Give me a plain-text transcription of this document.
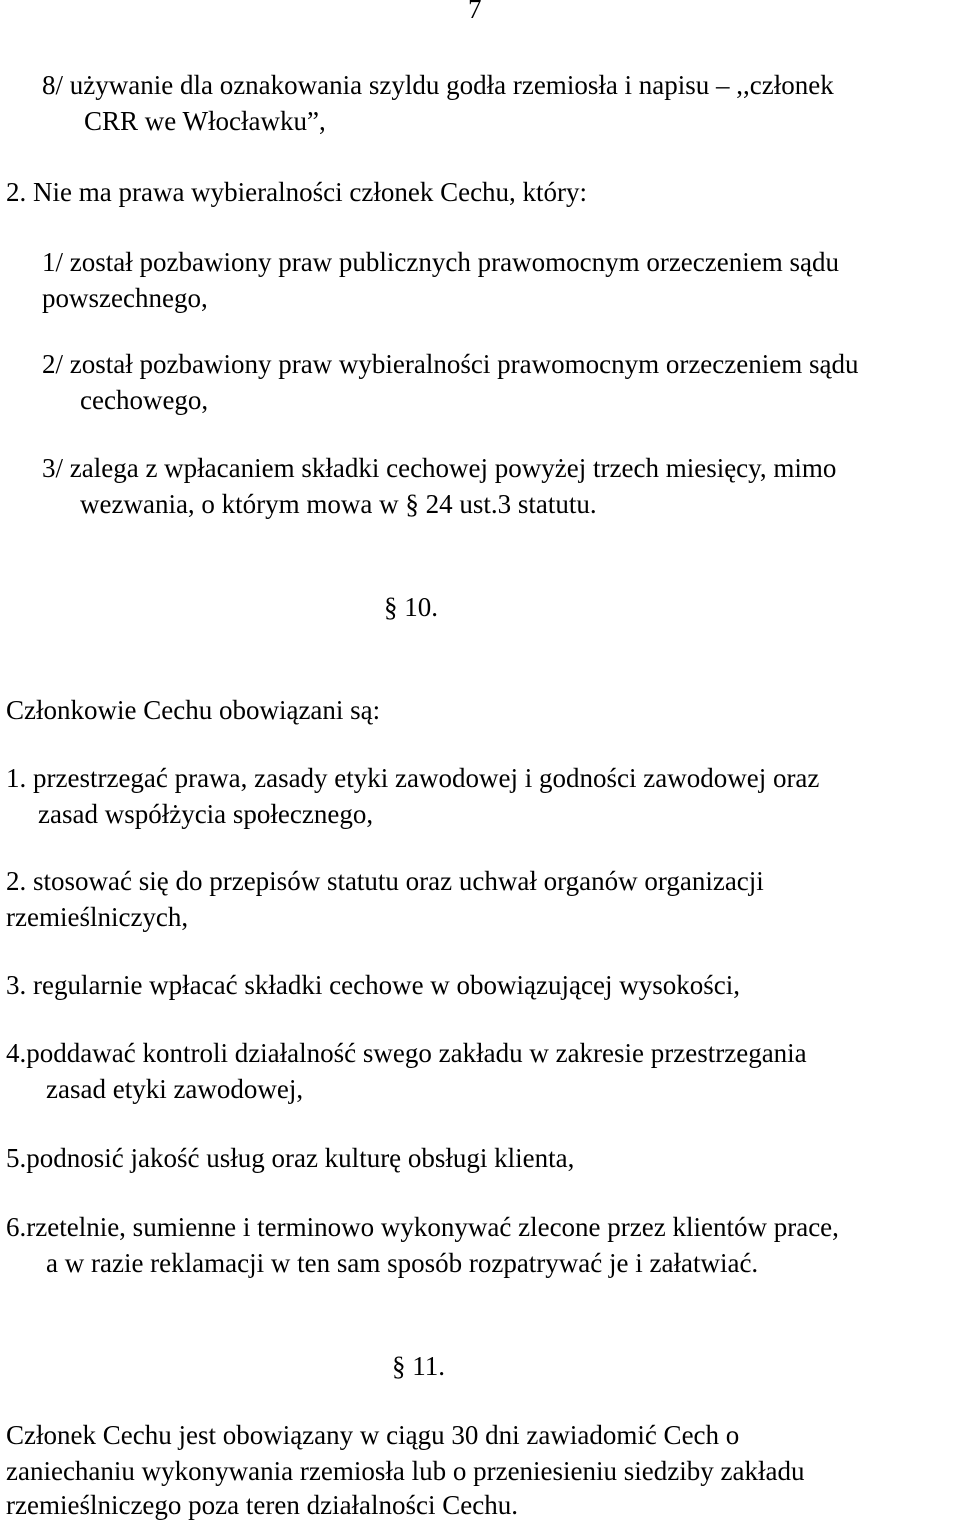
7
8/ używanie dla oznakowania szyldu godła rzemiosła i napisu – ,,członek
CRR we Włocławku”,
2. Nie ma prawa wybieralności członek Cechu, który:
1/ został pozbawiony praw publicznych prawomocnym orzeczeniem sądu
powszechnego,
2/ został pozbawiony praw wybieralności prawomocnym orzeczeniem sądu
cechowego,
3/ zalega z wpłacaniem składki cechowej powyżej trzech miesięcy, mimo
wezwania, o którym mowa w § 24 ust.3 statutu.
§ 10.
Członkowie Cechu obowiązani są:
1. przestrzegać prawa, zasady etyki zawodowej i godności zawodowej oraz
zasad współżycia społecznego,
2. stosować się do przepisów statutu oraz uchwał organów organizacji
rzemieślniczych,
3. regularnie wpłacać składki cechowe w obowiązującej wysokości,
4.poddawać kontroli działalność swego zakładu w zakresie przestrzegania
zasad etyki zawodowej,
5.podnosić jakość usług oraz kulturę obsługi klienta,
6.rzetelnie, sumienne i terminowo wykonywać zlecone przez klientów prace,
a w razie reklamacji w ten sam sposób rozpatrywać je i załatwiać.
§ 11.
Członek Cechu jest obowiązany w ciągu 30 dni zawiadomić Cech o
zaniechaniu wykonywania rzemiosła lub o przeniesieniu siedziby zakładu
rzemieślniczego poza teren działalności Cechu.
